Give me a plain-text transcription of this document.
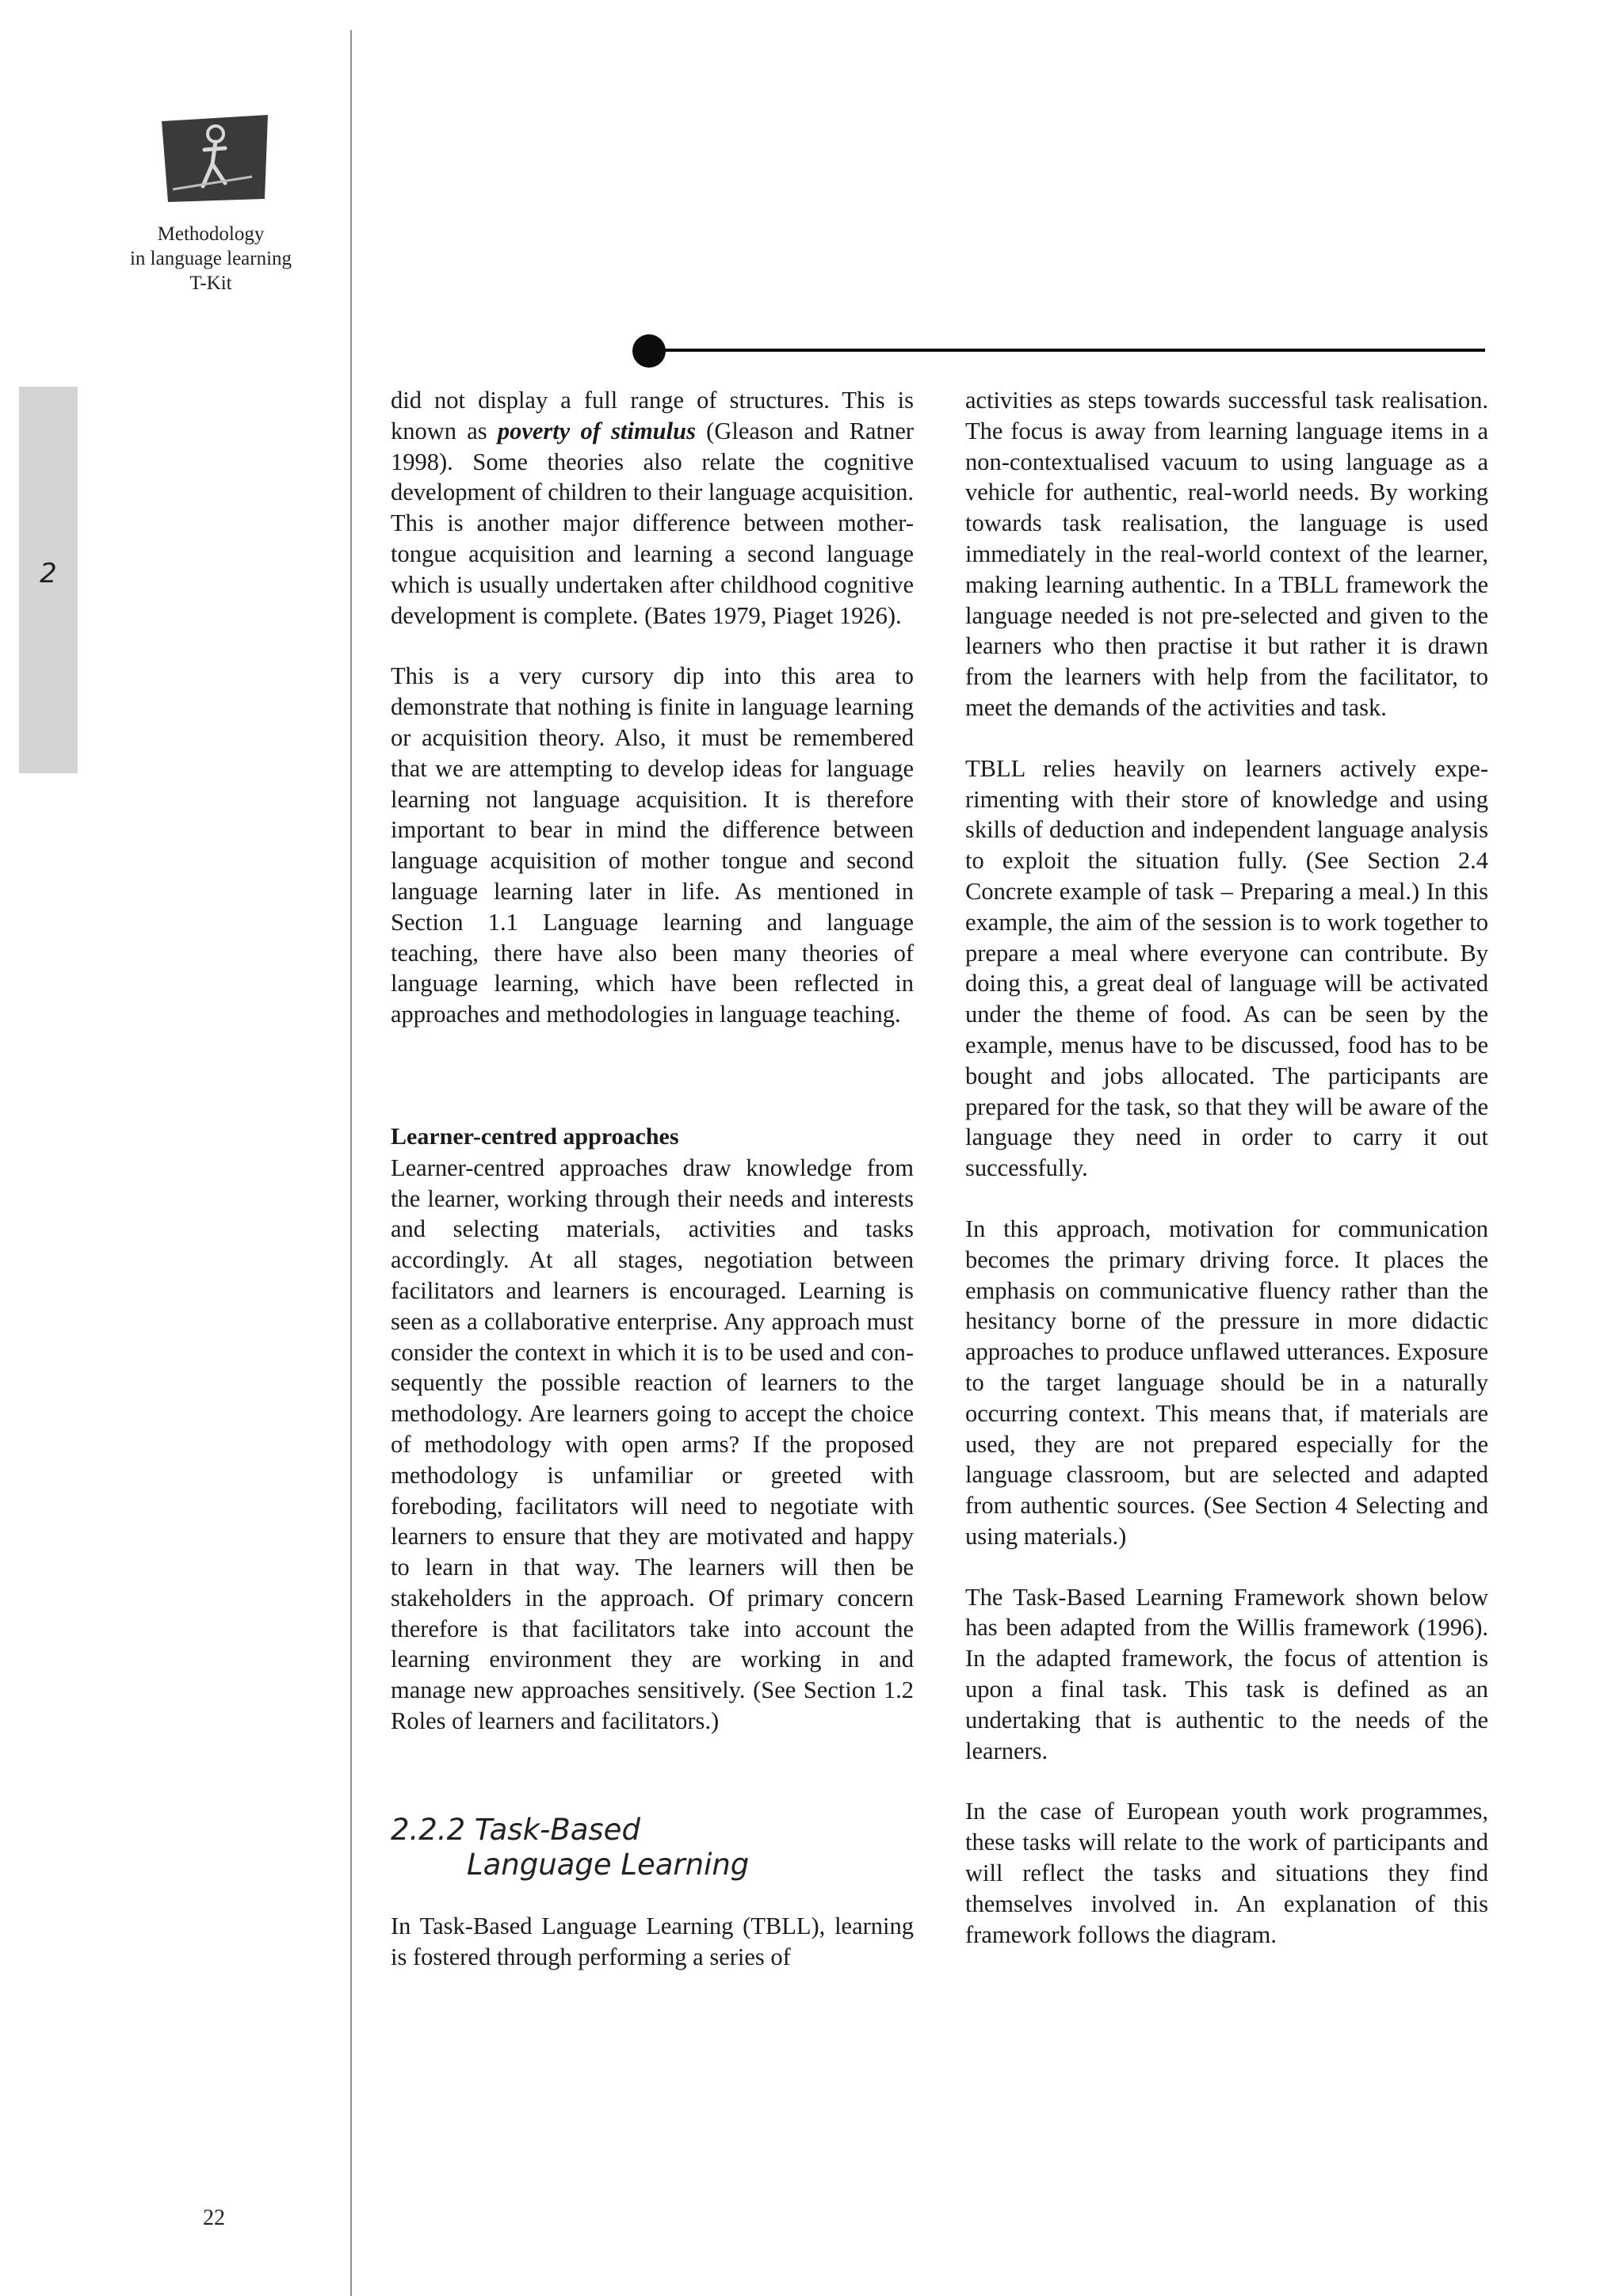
Methodology
in language learning
T-Kit
2

did not display a full range of structures. This is known as poverty of stimulus (Gleason and Ratner 1998). Some theories also relate the cognitive development of children to their language acquisition. This is another major difference between mother-tongue acquisition and learning a second language which is usually undertaken after childhood cognitive development is complete. (Bates 1979, Piaget 1926).

This is a very cursory dip into this area to demonstrate that nothing is finite in language learning or acquisition theory. Also, it must be remembered that we are attempting to develop ideas for language learning not language acquisition. It is therefore important to bear in mind the difference between language acquisition of mother tongue and second language learning later in life. As mentioned in Section 1.1 Language learning and language teaching, there have also been many theories of language learning, which have been reflected in approaches and methodologies in language teaching.

Learner-centred approaches

Learner-centred approaches draw knowledge from the learner, working through their needs and interests and selecting materials, activities and tasks accordingly. At all stages, negotiation between facilitators and learners is encouraged. Learning is seen as a collaborative enterprise. Any approach must consider the context in which it is to be used and consequently the possible reaction of learners to the methodology. Are learners going to accept the choice of methodology with open arms? If the proposed methodology is unfamiliar or greeted with foreboding, facilitators will need to negotiate with learners to ensure that they are motivated and happy to learn in that way. The learners will then be stakeholders in the approach. Of primary concern therefore is that facilitators take into account the learning environment they are working in and manage new approaches sensitively. (See Section 1.2 Roles of learners and facilitators.)

2.2.2 Task-Based
Language Learning

In Task-Based Language Learning (TBLL), learning is fostered through performing a series of

activities as steps towards successful task realisation. The focus is away from learning language items in a non-contextualised vacuum to using language as a vehicle for authentic, real-world needs. By working towards task realisation, the language is used immediately in the real-world context of the learner, making learning authentic. In a TBLL framework the language needed is not pre-selected and given to the learners who then practise it but rather it is drawn from the learners with help from the facilitator, to meet the demands of the activities and task.

TBLL relies heavily on learners actively experimenting with their store of knowledge and using skills of deduction and independent language analysis to exploit the situation fully. (See Section 2.4 Concrete example of task – Preparing a meal.) In this example, the aim of the session is to work together to prepare a meal where everyone can contribute. By doing this, a great deal of language will be activated under the theme of food. As can be seen by the example, menus have to be discussed, food has to be bought and jobs allocated. The participants are prepared for the task, so that they will be aware of the language they need in order to carry it out successfully.

In this approach, motivation for communication becomes the primary driving force. It places the emphasis on communicative fluency rather than the hesitancy borne of the pressure in more didactic approaches to produce unflawed utterances. Exposure to the target language should be in a naturally occurring context. This means that, if materials are used, they are not prepared especially for the language classroom, but are selected and adapted from authentic sources. (See Section 4 Selecting and using materials.)

The Task-Based Learning Framework shown below has been adapted from the Willis framework (1996). In the adapted framework, the focus of attention is upon a final task. This task is defined as an undertaking that is authentic to the needs of the learners.

In the case of European youth work programmes, these tasks will relate to the work of participants and will reflect the tasks and situations they find themselves involved in. An explanation of this framework follows the diagram.

22
